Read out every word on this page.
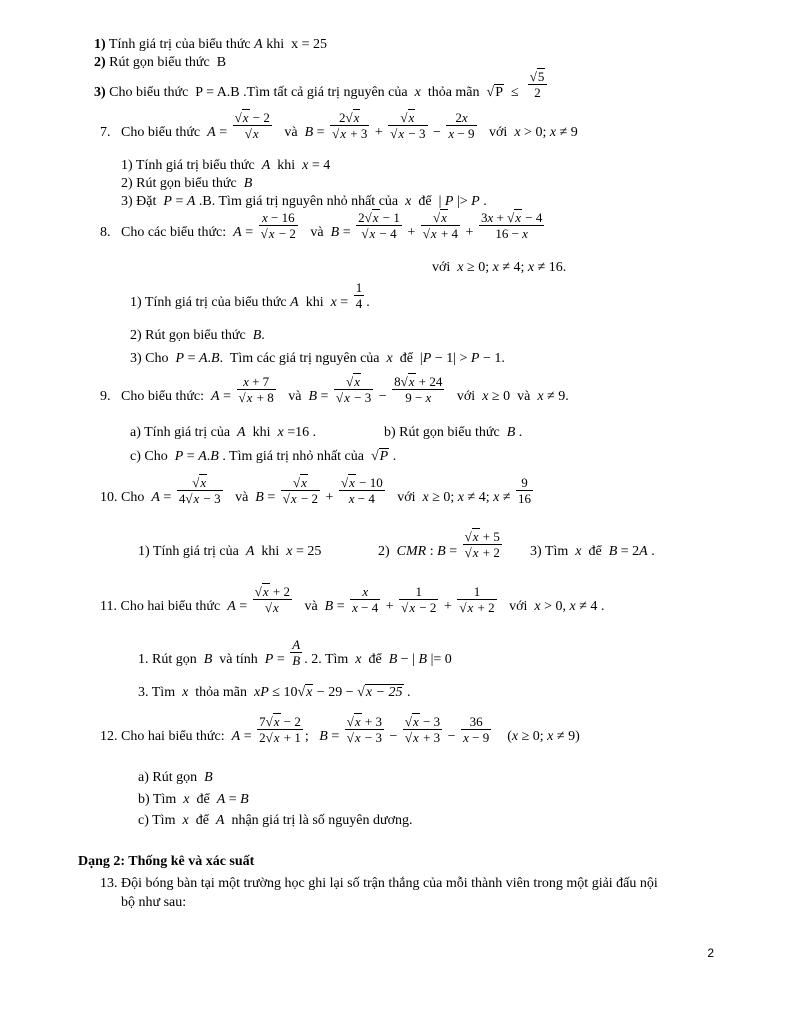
1) Tính giá trị của biểu thức A khi  x = 25
2) Rút gọn biểu thức  B
3) Cho biểu thức  P = A.B .Tìm tất cả giá trị nguyên của  x  thỏa mãn  $√P \le \frac{√5}{2}$
7.   Cho biểu thức  $A = \frac{√x - 2}{√x}$ và  $B = \frac{2√x}{√x + 3} + \frac{√x}{√x - 3} - \frac{2x}{x - 9}$ với  x > 0; x ≠ 9
1) Tính giá trị biểu thức  A  khi  x = 4
2) Rút gọn biểu thức  B
3) Đặt  P = A .B. Tìm giá trị nguyên nhỏ nhất của  x  để  | P |> P .
8.   Cho các biểu thức:  $A = \frac{x - 16}{√x - 2}$ và  $B = \frac{2√x - 1}{√x - 4} + \frac{√x}{√x + 4} + \frac{3x + √x - 4}{16 - x}$
với  x ≥ 0; x ≠ 4; x ≠ 16.
1) Tính giá trị của biểu thức A  khi  $x = \frac{1}{4}$ .
2) Rút gọn biểu thức  B.
3) Cho  P = A.B.  Tìm các giá trị nguyên của  x  để  |P − 1| > P − 1.
9.   Cho biểu thức:  $A = \frac{x + 7}{√x + 8}$ và  $B = \frac{√x}{√x - 3} - \frac{8√x + 24}{9 - x}$ với  x ≥ 0  và  x ≠ 9.
a) Tính giá trị của  A  khi  x =16 .	b) Rút gọn biểu thức  B .
c) Cho  P = A.B . Tìm giá trị nhỏ nhất của  √P .
10. Cho  $A = \frac{√x}{4√x - 3}$ và  $B = \frac{√x}{√x - 2} + \frac{√x - 10}{x - 4}$ với  x ≥ 0; x ≠ 4; $x \ne \frac{9}{16}$
1) Tính giá trị của  A  khi  x = 25	2)  CMR : $B = \frac{√x + 5}{√x + 2} 3$) Tìm  x  để  B = 2A .
11. Cho hai biểu thức  $A = \frac{√x + 2}{√x}$ và  $B = \frac{x}{x - 4} + \frac{1}{√x - 2} + \frac{1}{√x + 2}$ với  x > 0, x ≠ 4 .
1. Rút gọn  B  và tính  $P = \frac{A}{B}$ . 2. Tìm  x  để  B − | B |= 0
3. Tìm  x  thỏa mãn  xP ≤ 10√x − 29 − √x − 25 .
12. Cho hai biểu thức:  $A = \frac{7√x - 2}{2√x + 1}$ ;   $B = \frac{√x + 3}{√x - 3} - \frac{√x - 3}{√x + 3} - \frac{36}{x - 9} (x \ge 0$; x ≠ 9)
a) Rút gọn  B
b) Tìm  x  để  A = B
c) Tìm  x  để  A  nhận giá trị là số nguyên dương.
Dạng 2: Thống kê và xác suất
13. Đội bóng bàn tại một trường học ghi lại số trận thắng của mỗi thành viên trong một giải đấu nội
bộ như sau:
2
